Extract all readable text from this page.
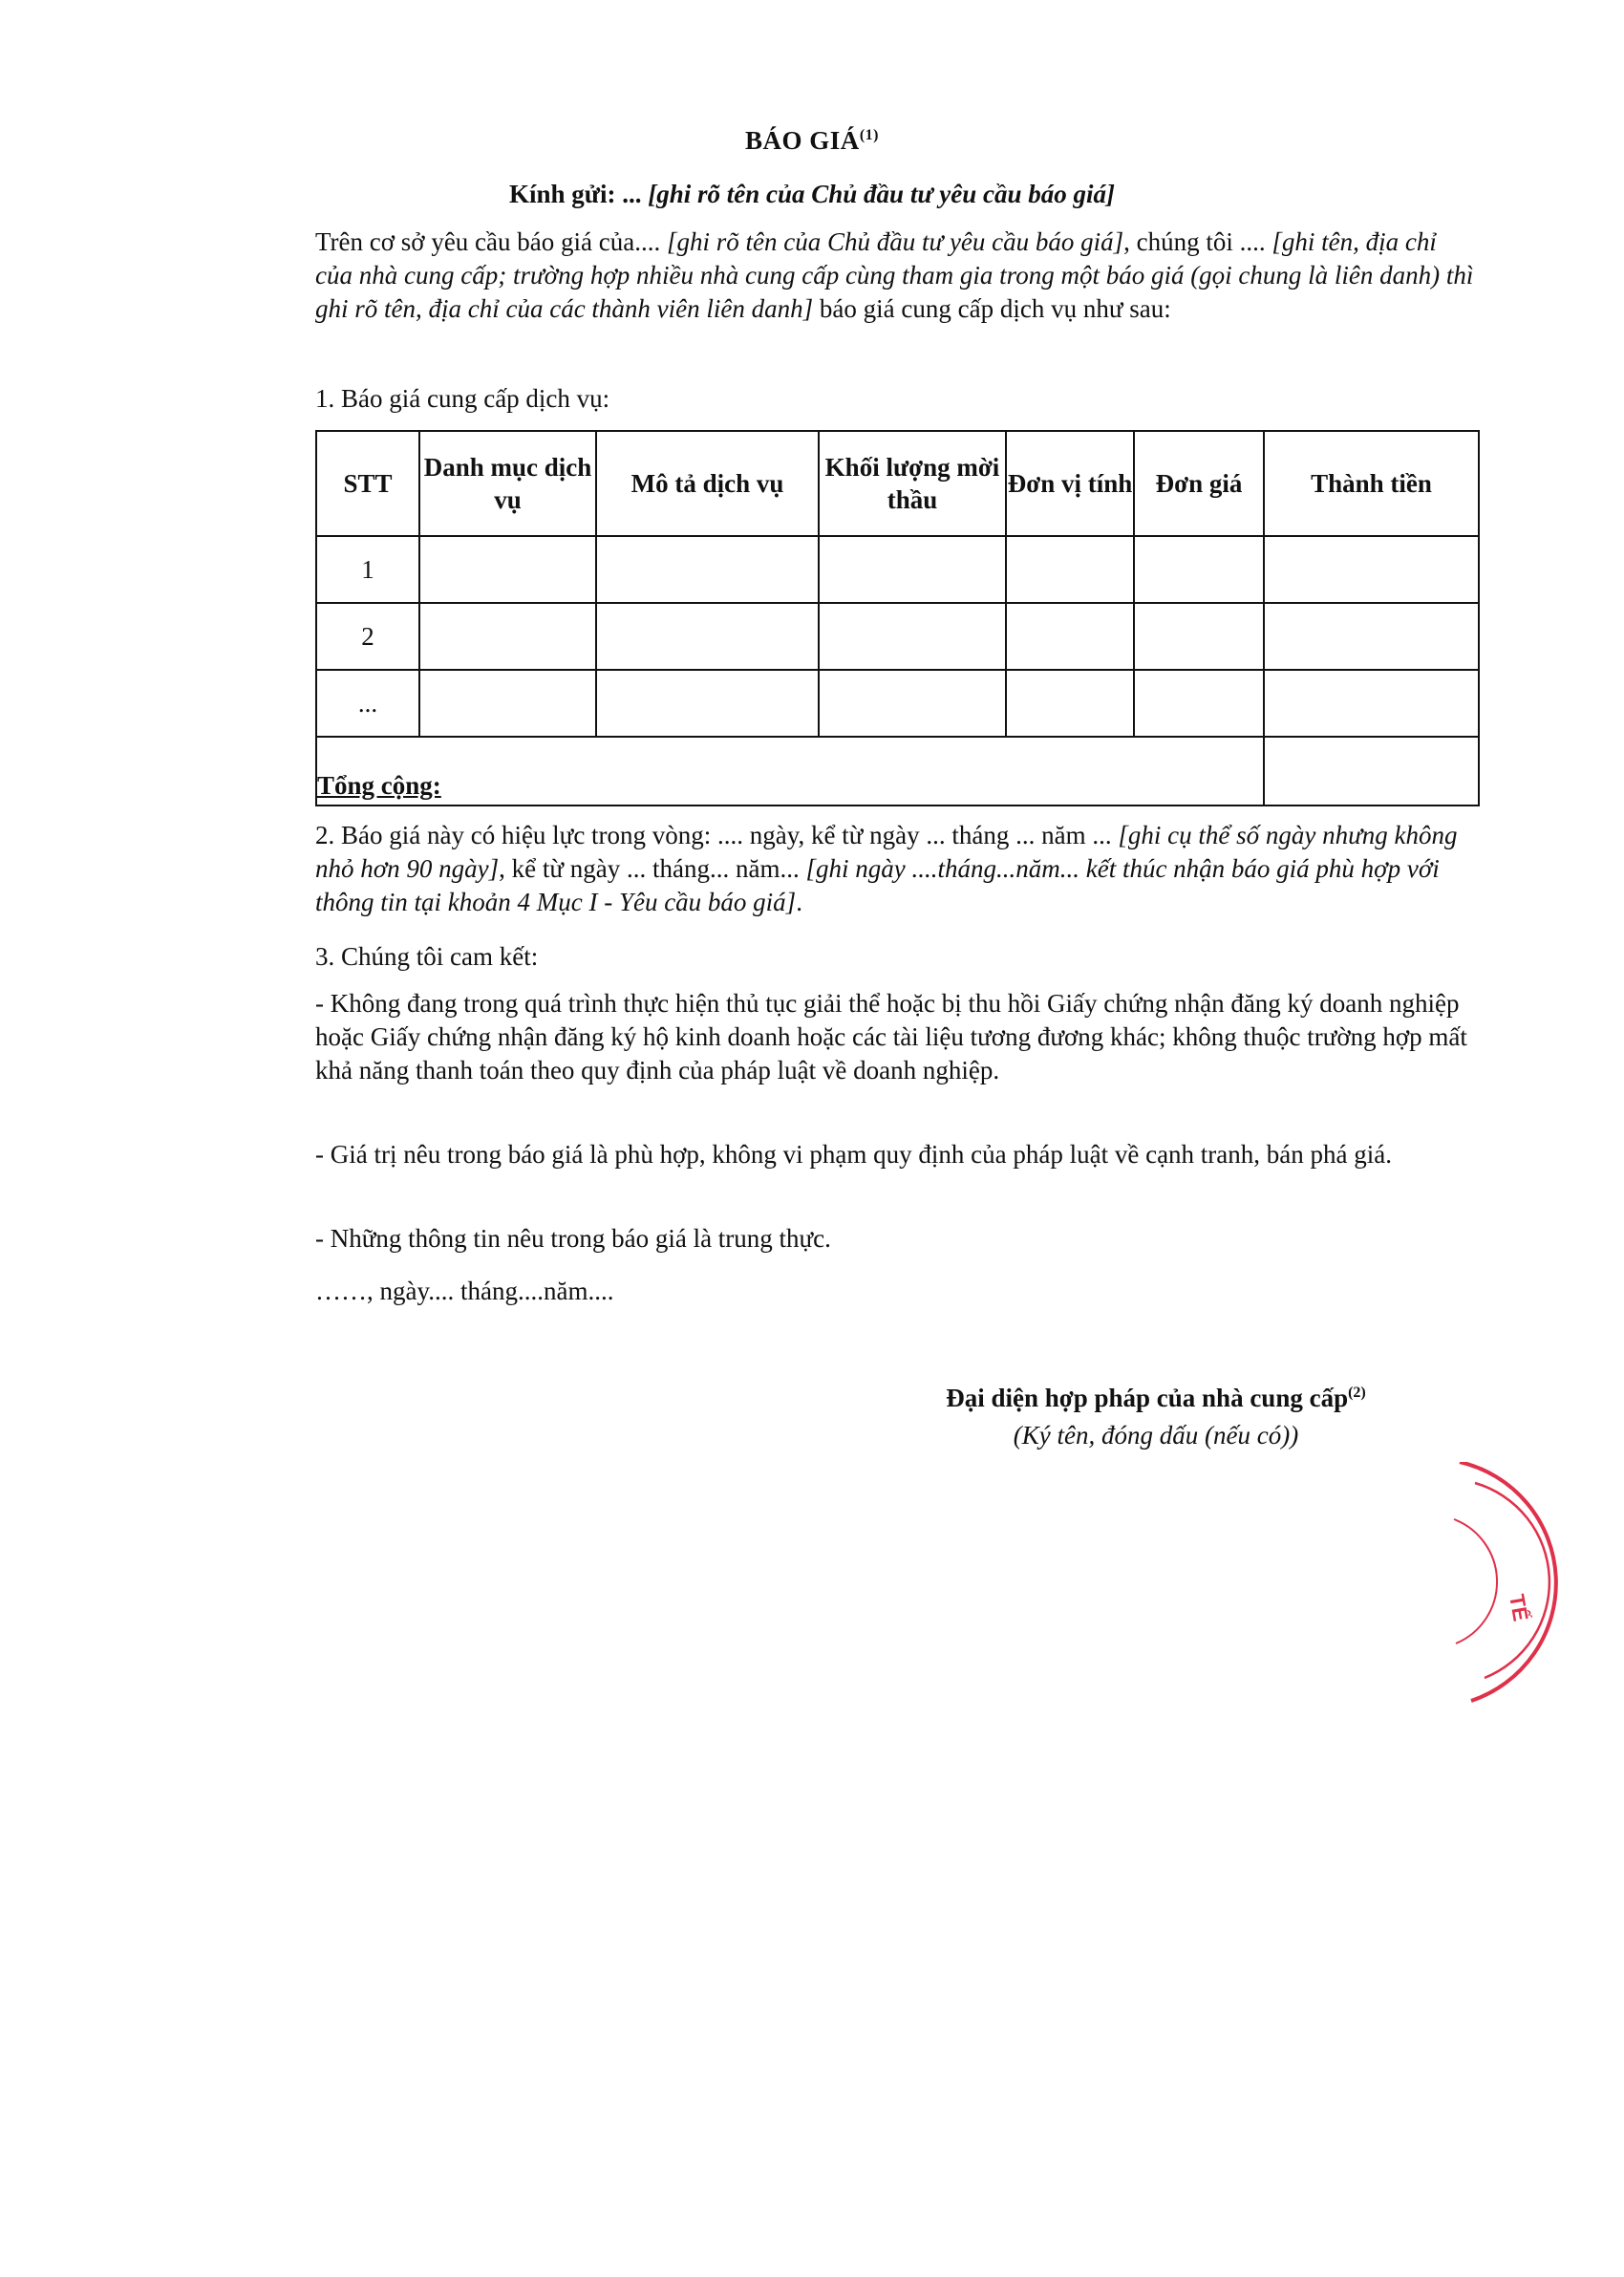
BÁO GIÁ$^{(1)}$
Kính gửi: ... [ghi rõ tên của Chủ đầu tư yêu cầu báo giá]

Trên cơ sở yêu cầu báo giá của.... [ghi rõ tên của Chủ đầu tư yêu cầu báo giá], chúng tôi .... [ghi tên, địa chỉ của nhà cung cấp; trường hợp nhiều nhà cung cấp cùng tham gia trong một báo giá (gọi chung là liên danh) thì ghi rõ tên, địa chỉ của các thành viên liên danh] báo giá cung cấp dịch vụ như sau:

1. Báo giá cung cấp dịch vụ:

STT	Danh mục dịch vụ	Mô tả dịch vụ	Khối lượng mời thầu	Đơn vị tính	Đơn giá	Thành tiền
1						
2						
...						
Tổng cộng:						

2. Báo giá này có hiệu lực trong vòng: .... ngày, kể từ ngày ... tháng ... năm ... [ghi cụ thể số ngày nhưng không nhỏ hơn 90 ngày], kể từ ngày ... tháng... năm... [ghi ngày ....tháng...năm... kết thúc nhận báo giá phù hợp với thông tin tại khoản 4 Mục I - Yêu cầu báo giá].

3. Chúng tôi cam kết:

- Không đang trong quá trình thực hiện thủ tục giải thể hoặc bị thu hồi Giấy chứng nhận đăng ký doanh nghiệp hoặc Giấy chứng nhận đăng ký hộ kinh doanh hoặc các tài liệu tương đương khác; không thuộc trường hợp mất khả năng thanh toán theo quy định của pháp luật về doanh nghiệp.

- Giá trị nêu trong báo giá là phù hợp, không vi phạm quy định của pháp luật về cạnh tranh, bán phá giá.

- Những thông tin nêu trong báo giá là trung thực.

……, ngày.... tháng....năm....

Đại diện hợp pháp của nhà cung cấp$^{(2)}$
(Ký tên, đóng dấu (nếu có))
TẾ
